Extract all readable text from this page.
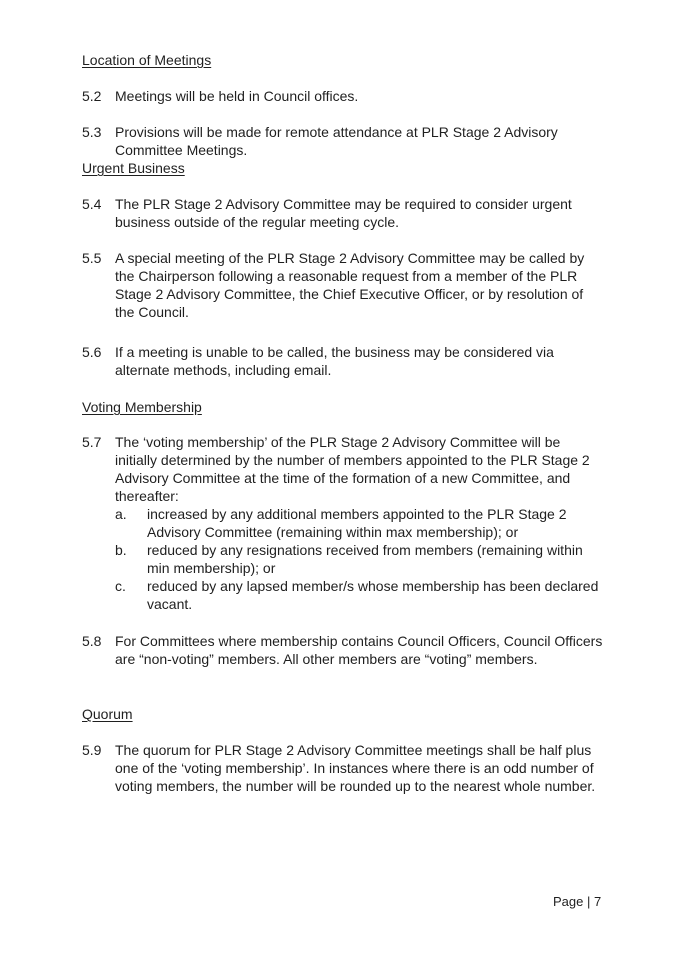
Location of Meetings
5.2 Meetings will be held in Council offices.
5.3 Provisions will be made for remote attendance at PLR Stage 2 Advisory Committee Meetings.
Urgent Business
5.4 The PLR Stage 2 Advisory Committee may be required to consider urgent business outside of the regular meeting cycle.
5.5 A special meeting of the PLR Stage 2 Advisory Committee may be called by the Chairperson following a reasonable request from a member of the PLR Stage 2 Advisory Committee, the Chief Executive Officer, or by resolution of the Council.
5.6 If a meeting is unable to be called, the business may be considered via alternate methods, including email.
Voting Membership
5.7 The ‘voting membership’ of the PLR Stage 2 Advisory Committee will be initially determined by the number of members appointed to the PLR Stage 2 Advisory Committee at the time of the formation of a new Committee, and thereafter:
a. increased by any additional members appointed to the PLR Stage 2 Advisory Committee (remaining within max membership); or
b. reduced by any resignations received from members (remaining within min membership); or
c. reduced by any lapsed member/s whose membership has been declared vacant.
5.8 For Committees where membership contains Council Officers, Council Officers are “non-voting” members. All other members are “voting” members.
Quorum
5.9 The quorum for PLR Stage 2 Advisory Committee meetings shall be half plus one of the ‘voting membership’. In instances where there is an odd number of voting members, the number will be rounded up to the nearest whole number.
Page | 7
